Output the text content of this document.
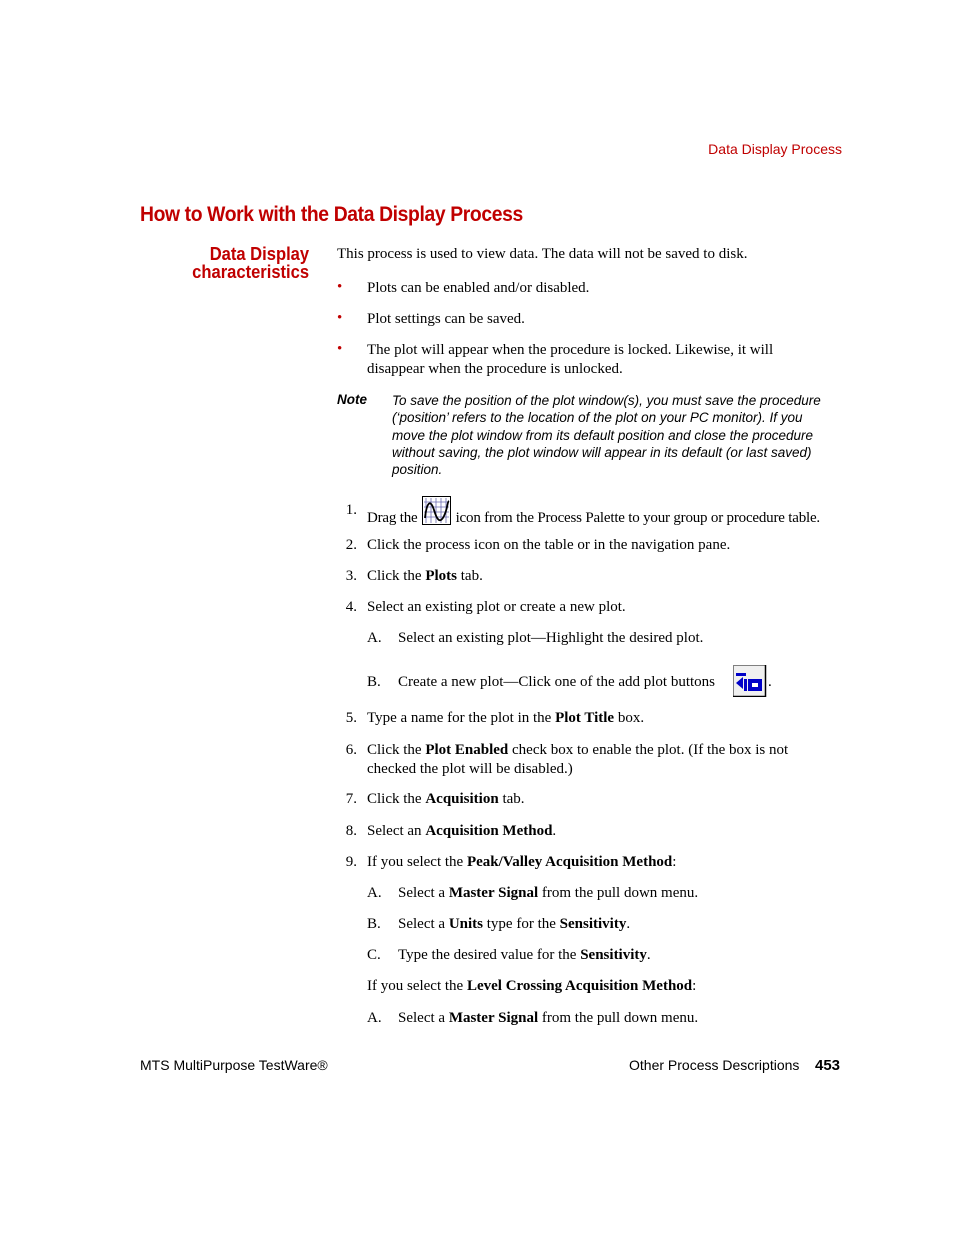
Data Display Process
How to Work with the Data Display Process
Data Display
characteristics
This process is used to view data. The data will not be saved to disk.
• Plots can be enabled and/or disabled.
• Plot settings can be saved.
• The plot will appear when the procedure is locked. Likewise, it will
disappear when the procedure is unlocked.
Note To save the position of the plot window(s), you must save the procedure
(‘position’ refers to the location of the plot on your PC monitor). If you
move the plot window from its default position and close the procedure
without saving, the plot window will appear in its default (or last saved)
position.
1. Drag the	icon from the Process Palette to your group or procedure table.
2. Click the process icon on the table or in the navigation pane.
3. Click the Plots tab.
4. Select an existing plot or create a new plot.
A. Select an existing plot—Highlight the desired plot.
B. Create a new plot—Click one of the add plot buttons	.
5. Type a name for the plot in the Plot Title box.
6. Click the Plot Enabled check box to enable the plot. (If the box is not
checked the plot will be disabled.)
7. Click the Acquisition tab.
8. Select an Acquisition Method.
9. If you select the Peak/Valley Acquisition Method:
A. Select a Master Signal from the pull down menu.
B. Select a Units type for the Sensitivity.
C. Type the desired value for the Sensitivity.
If you select the Level Crossing Acquisition Method:
A. Select a Master Signal from the pull down menu.
MTS MultiPurpose TestWare®	Other Process Descriptions 453
